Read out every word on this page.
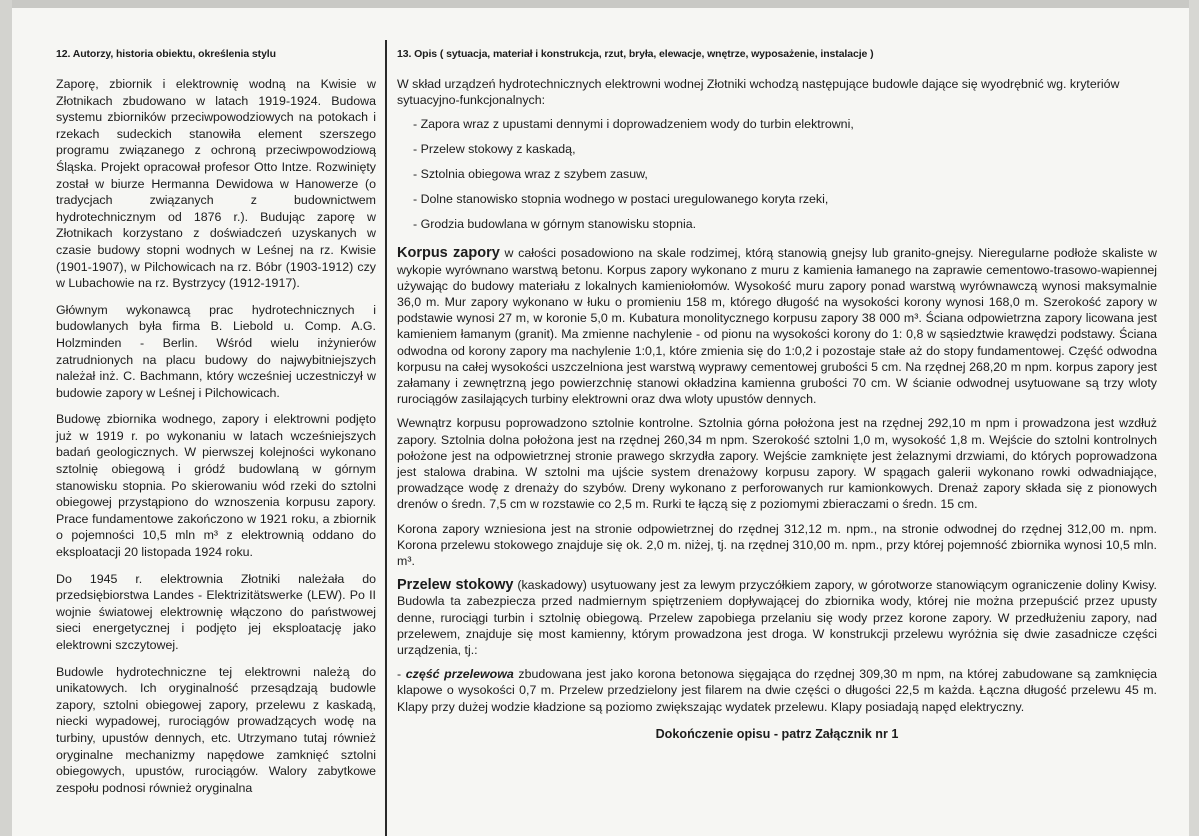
12. Autorzy, historia obiektu, określenia stylu

Zaporę, zbiornik i elektrownię wodną na Kwisie w Złotnikach zbudowano w latach 1919-1924. Budowa systemu zbiorników przeciwpowodziowych na potokach i rzekach sudeckich stanowiła element szerszego programu związanego z ochroną przeciwpowodziową Śląska. Projekt opracował profesor Otto Intze. Rozwinięty został w biurze Hermanna Dewidowa w Hanowerze (o tradycjach związanych z budownictwem hydrotechnicznym od 1876 r.). Budując zaporę w Złotnikach korzystano z doświadczeń uzyskanych w czasie budowy stopni wodnych w Leśnej na rz. Kwisie (1901-1907), w Pilchowicach na rz. Bóbr (1903-1912) czy w Lubachowie na rz. Bystrzycy (1912-1917).

Głównym wykonawcą prac hydrotechnicznych i budowlanych była firma B. Liebold u. Comp. A.G. Holzminden - Berlin. Wśród wielu inżynierów zatrudnionych na placu budowy do najwybitniejszych należał inż. C. Bachmann, który wcześniej uczestniczył w budowie zapory w Leśnej i Pilchowicach.

Budowę zbiornika wodnego, zapory i elektrowni podjęto już w 1919 r. po wykonaniu w latach wcześniejszych badań geologicznych. W pierwszej kolejności wykonano sztolnię obiegową i gródź budowlaną w górnym stanowisku stopnia. Po skierowaniu wód rzeki do sztolni obiegowej przystąpiono do wznoszenia korpusu zapory. Prace fundamentowe zakończono w 1921 roku, a zbiornik o pojemności 10,5 mln m³ z elektrownią oddano do eksploatacji 20 listopada 1924 roku.

Do 1945 r. elektrownia Złotniki należała do przedsiębiorstwa Landes - Elektrizitätswerke (LEW). Po II wojnie światowej elektrownię włączono do państwowej sieci energetycznej i podjęto jej eksploatację jako elektrowni szczytowej.

Budowle hydrotechniczne tej elektrowni należą do unikatowych. Ich oryginalność przesądzają budowle zapory, sztolni obiegowej zapory, przelewu z kaskadą, niecki wypadowej, rurociągów prowadzących wodę na turbiny, upustów dennych, etc. Utrzymano tutaj również oryginalne mechanizmy napędowe zamknięć sztolni obiegowych, upustów, rurociągów. Walory zabytkowe zespołu podnosi również oryginalna

13. Opis ( sytuacja, materiał i konstrukcja, rzut, bryła, elewacje, wnętrze, wyposażenie, instalacje )

W skład urządzeń hydrotechnicznych elektrowni wodnej Złotniki wchodzą następujące budowle dające się wyodrębnić wg. kryteriów sytuacyjno-funkcjonalnych:

- Zapora wraz z upustami dennymi i doprowadzeniem wody do turbin elektrowni,
- Przelew stokowy z kaskadą,
- Sztolnia obiegowa wraz z szybem zasuw,
- Dolne stanowisko stopnia wodnego w postaci uregulowanego koryta rzeki,
- Grodzia budowlana w górnym stanowisku stopnia.

Korpus zapory w całości posadowiono na skale rodzimej, którą stanowią gnejsy lub granito-gnejsy. Nieregularne podłoże skaliste w wykopie wyrównano warstwą betonu. Korpus zapory wykonano z muru z kamienia łamanego na zaprawie cementowo-trasowo-wapiennej używając do budowy materiału z lokalnych kamieniołomów. Wysokość muru zapory ponad warstwą wyrównawczą wynosi maksymalnie 36,0 m. Mur zapory wykonano w łuku o promieniu 158 m, którego długość na wysokości korony wynosi 168,0 m. Szerokość zapory w podstawie wynosi 27 m, w koronie 5,0 m. Kubatura monolitycznego korpusu zapory 38 000 m³. Ściana odpowietrzna zapory licowana jest kamieniem łamanym (granit). Ma zmienne nachylenie - od pionu na wysokości korony do 1: 0,8 w sąsiedztwie krawędzi podstawy. Ściana odwodna od korony zapory ma nachylenie 1:0,1, które zmienia się do 1:0,2 i pozostaje stałe aż do stopy fundamentowej. Część odwodna korpusu na całej wysokości uszczelniona jest warstwą wyprawy cementowej grubości 5 cm. Na rzędnej 268,20 m npm. korpus zapory jest załamany i zewnętrzną jego powierzchnię stanowi okładzina kamienna grubości 70 cm. W ścianie odwodnej usytuowane są trzy wloty rurociągów zasilających turbiny elektrowni oraz dwa wloty upustów dennych.

Wewnątrz korpusu poprowadzono sztolnie kontrolne. Sztolnia górna położona jest na rzędnej 292,10 m npm i prowadzona jest wzdłuż zapory. Sztolnia dolna położona jest na rzędnej 260,34 m npm. Szerokość sztolni 1,0 m, wysokość 1,8 m. Wejście do sztolni kontrolnych położone jest na odpowietrznej stronie prawego skrzydła zapory. Wejście zamknięte jest żelaznymi drzwiami, do których poprowadzona jest stalowa drabina. W sztolni ma ujście system drenażowy korpusu zapory. W spągach galerii wykonano rowki odwadniające, prowadzące wodę z drenaży do szybów. Dreny wykonano z perforowanych rur kamionkowych. Drenaż zapory składa się z pionowych drenów o średn. 7,5 cm w rozstawie co 2,5 m. Rurki te łączą się z poziomymi zbieraczami o średn. 15 cm.

Korona zapory wzniesiona jest na stronie odpowietrznej do rzędnej 312,12 m. npm., na stronie odwodnej do rzędnej 312,00 m. npm. Korona przelewu stokowego znajduje się ok. 2,0 m. niżej, tj. na rzędnej 310,00 m. npm., przy której pojemność zbiornika wynosi 10,5 mln. m³.

Przelew stokowy (kaskadowy) usytuowany jest za lewym przyczółkiem zapory, w górotworze stanowiącym ograniczenie doliny Kwisy. Budowla ta zabezpiecza przed nadmiernym spiętrzeniem dopływającej do zbiornika wody, której nie można przepuścić przez upusty denne, rurociągi turbin i sztolnię obiegową. Przelew zapobiega przelaniu się wody przez korone zapory. W przedłużeniu zapory, nad przelewem, znajduje się most kamienny, którym prowadzona jest droga. W konstrukcji przelewu wyróżnia się dwie zasadnicze części urządzenia, tj.:

- część przelewowa zbudowana jest jako korona betonowa sięgająca do rzędnej 309,30 m npm, na której zabudowane są zamknięcia klapowe o wysokości 0,7 m. Przelew przedzielony jest filarem na dwie części o długości 22,5 m każda. Łączna długość przelewu 45 m. Klapy przy dużej wodzie kładzione są poziomo zwiększając wydatek przelewu. Klapy posiadają napęd elektryczny.

Dokończenie opisu - patrz Załącznik nr 1
